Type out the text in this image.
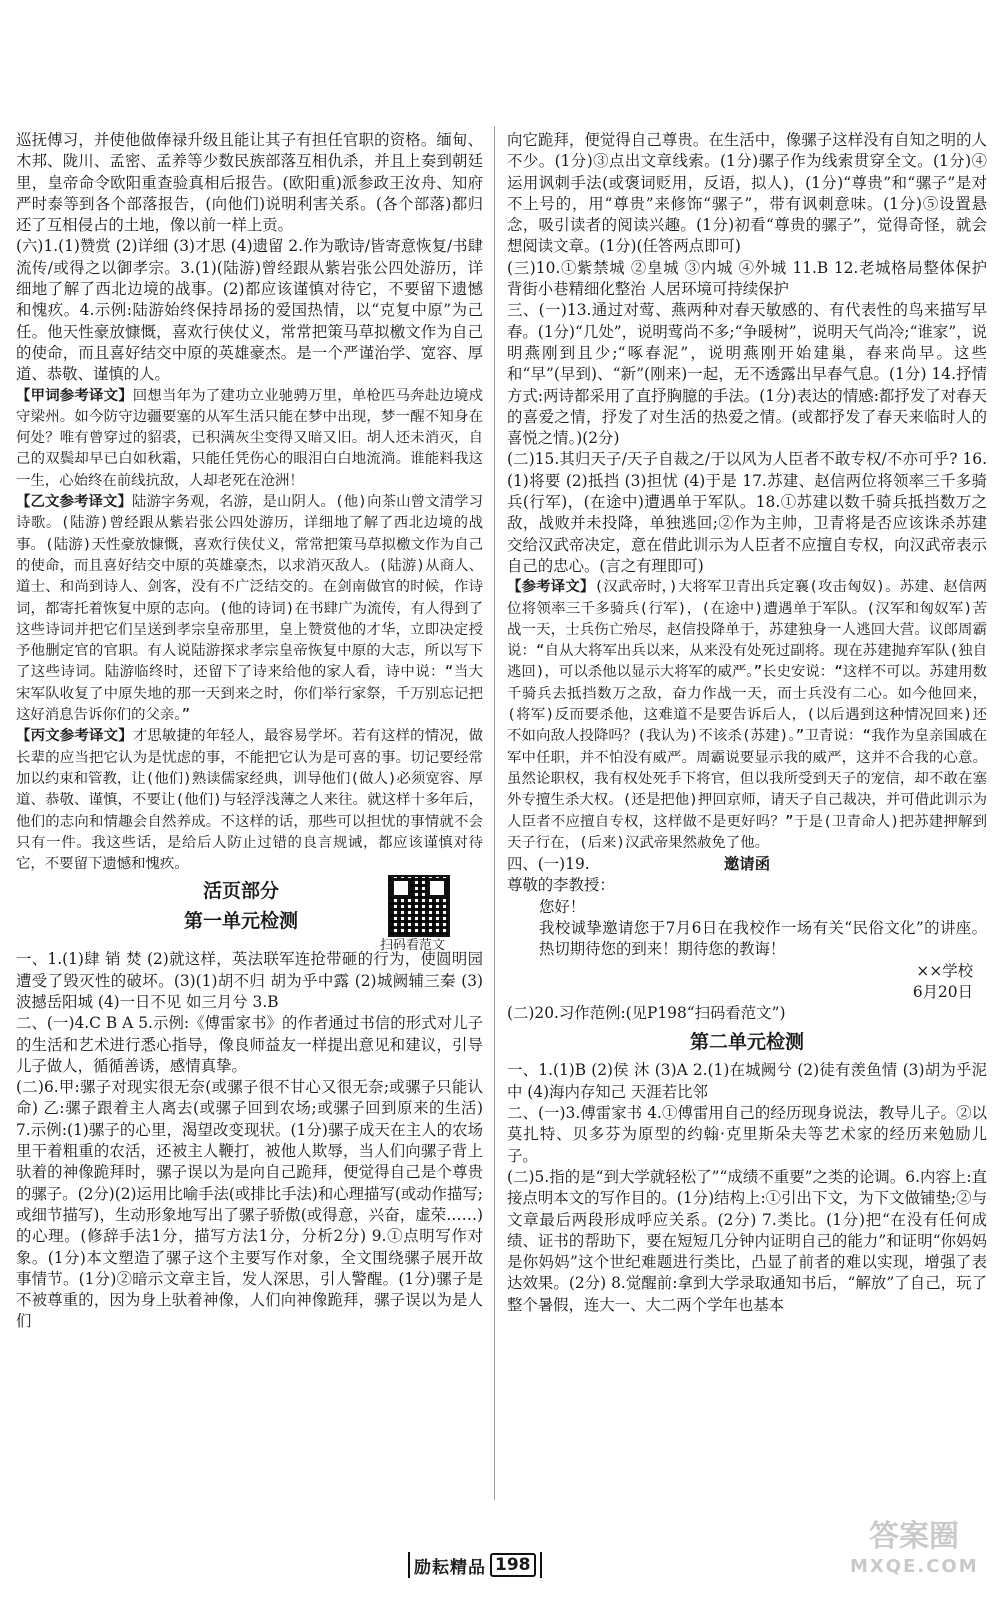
巡抚傅习，并使他做俸禄升级且能让其子有担任官职的资格。缅甸、木邦、陇川、孟密、孟养等少数民族部落互相仇杀，并且上奏到朝廷里，皇帝命令欧阳重查验真相后报告。(欧阳重)派参政王汝舟、知府严时泰等到各个部落报告，(向他们)说明利害关系。(各个部落)都归还了互相侵占的土地，像以前一样上贡。

(六)1.(1)赞赏 (2)详细 (3)才思 (4)遗留 2.作为歌诗/皆寄意恢复/书肆流传/或得之以御孝宗。3.(1)(陆游)曾经跟从紫岩张公四处游历，详细地了解了西北边境的战事。(2)都应该谨慎对待它，不要留下遗憾和愧疚。4.示例:陆游始终保持昂扬的爱国热情，以“克复中原”为己任。他天性豪放慷慨，喜欢行侠仗义，常常把策马草拟檄文作为自己的使命，而且喜好结交中原的英雄豪杰。是一个严谨治学、宽容、厚道、恭敬、谨慎的人。

【甲词参考译文】回想当年为了建功立业驰骋万里，单枪匹马奔赴边境戍守梁州。如今防守边疆要塞的从军生活只能在梦中出现，梦一醒不知身在何处？唯有曾穿过的貂裘，已积满灰尘变得又暗又旧。胡人还未消灭，自己的双鬓却早已白如秋霜，只能任凭伤心的眼泪白白地流淌。谁能料我这一生，心始终在前线抗敌，人却老死在沧洲！

【乙文参考译文】陆游字务观，名游，是山阴人。(他)向茶山曾文清学习诗歌。(陆游)曾经跟从紫岩张公四处游历，详细地了解了西北边境的战事。(陆游)天性豪放慷慨，喜欢行侠仗义，常常把策马草拟檄文作为自己的使命，而且喜好结交中原的英雄豪杰，以求消灭敌人。(陆游)从商人、道士、和尚到诗人、剑客，没有不广泛结交的。在剑南做官的时候，作诗词，都寄托着恢复中原的志向。(他的诗词)在书肆广为流传，有人得到了这些诗词并把它们呈送到孝宗皇帝那里，皇上赞赏他的才华，立即决定授予他删定官的官职。有人说陆游探求孝宗皇帝恢复中原的大志，所以写下了这些诗词。陆游临终时，还留下了诗来给他的家人看，诗中说：“当大宋军队收复了中原失地的那一天到来之时，你们举行家祭，千万别忘记把这好消息告诉你们的父亲。”

【丙文参考译文】才思敏捷的年轻人，最容易学坏。若有这样的情况，做长辈的应当把它认为是忧虑的事，不能把它认为是可喜的事。切记要经常加以约束和管教，让(他们)熟读儒家经典，训导他们(做人)必须宽容、厚道、恭敬、谨慎，不要让(他们)与轻浮浅薄之人来往。就这样十多年后，他们的志向和情趣会自然养成。不这样的话，那些可以担忧的事情就不会只有一件。我这些话，是给后人防止过错的良言规诫，都应该谨慎对待它，不要留下遗憾和愧疚。

活页部分
第一单元检测
扫码看范文

一、1.(1)肆 销 焚 (2)就这样，英法联军连抢带砸的行为，使圆明园遭受了毁灭性的破坏。(3)(1)胡不归 胡为乎中露 (2)城阙辅三秦 (3)波撼岳阳城 (4)一日不见 如三月兮 3.B

二、(一)4.C B A 5.示例:《傅雷家书》的作者通过书信的形式对儿子的生活和艺术进行悉心指导，像良师益友一样提出意见和建议，引导儿子做人，循循善诱，感情真挚。

(二)6.甲:骡子对现实很无奈(或骡子很不甘心又很无奈;或骡子只能认命) 乙:骡子跟着主人离去(或骡子回到农场;或骡子回到原来的生活) 7.示例:(1)骡子的心里，渴望改变现状。(1分)骡子成天在主人的农场里干着粗重的农活，还被主人鞭打，被他人欺辱，当人们向骡子背上驮着的神像跪拜时，骡子误以为是向自己跪拜，便觉得自己是个尊贵的骡子。(2分)(2)运用比喻手法(或排比手法)和心理描写(或动作描写;或细节描写)，生动形象地写出了骡子骄傲(或得意，兴奋，虚荣……)的心理。(修辞手法1分，描写方法1分，分析2分) 9.①点明写作对象。(1分)本文塑造了骡子这个主要写作对象，全文围绕骡子展开故事情节。(1分)②暗示文章主旨，发人深思，引人警醒。(1分)骡子是不被尊重的，因为身上驮着神像，人们向神像跪拜，骡子误以为是人们

向它跪拜，便觉得自己尊贵。在生活中，像骡子这样没有自知之明的人不少。(1分)③点出文章线索。(1分)骡子作为线索贯穿全文。(1分)④运用讽刺手法(或褒词贬用，反语，拟人)，(1分)“尊贵”和“骡子”是对不上号的，用“尊贵”来修饰“骡子”，带有讽刺意味。(1分)⑤设置悬念，吸引读者的阅读兴趣。(1分)初看“尊贵的骡子”，觉得奇怪，就会想阅读文章。(1分)(任答两点即可)

(三)10.①紫禁城 ②皇城 ③内城 ④外城 11.B 12.老城格局整体保护 背街小巷精细化整治 人居环境可持续保护

三、(一)13.通过对莺、燕两种对春天敏感的、有代表性的鸟来描写早春。(1分)“几处”，说明莺尚不多;“争暖树”，说明天气尚冷;“谁家”，说明燕刚到且少;“啄春泥”，说明燕刚开始建巢，春来尚早。这些和“早”(早到)、“新”(刚来)一起，无不透露出早春气息。(1分) 14.抒情方式:两诗都采用了直抒胸臆的手法。(1分)表达的情感:都抒发了对春天的喜爱之情，抒发了对生活的热爱之情。(或都抒发了春天来临时人的喜悦之情。)(2分)

(二)15.其归天子/天子自裁之/于以风为人臣者不敢专权/不亦可乎? 16.(1)将要 (2)抵挡 (3)担忧 (4)于是 17.苏建、赵信两位将领率三千多骑兵(行军)，(在途中)遭遇单于军队。18.①苏建以数千骑兵抵挡数万之敌，战败并未投降，单独逃回;②作为主帅，卫青将是否应该诛杀苏建交给汉武帝决定，意在借此训示为人臣者不应擅自专权，向汉武帝表示自己的忠心。(言之有理即可)

【参考译文】(汉武帝时，)大将军卫青出兵定襄(攻击匈奴)。苏建、赵信两位将领率三千多骑兵(行军)，(在途中)遭遇单于军队。(汉军和匈奴军)苦战一天，士兵伤亡殆尽，赵信投降单于，苏建独身一人逃回大营。议郎周霸说：“自从大将军出兵以来，从来没有处死过副将。现在苏建抛弃军队(独自逃回)，可以杀他以显示大将军的威严。”长史安说：“这样不可以。苏建用数千骑兵去抵挡数万之敌，奋力作战一天，而士兵没有二心。如今他回来，(将军)反而要杀他，这难道不是要告诉后人，(以后遇到这种情况回来)还不如向敌人投降吗？(我认为)不该杀(苏建)。”卫青说：“我作为皇亲国戚在军中任职，并不怕没有威严。周霸说要显示我的威严，这并不合我的心意。虽然论职权，我有权处死手下将官，但以我所受到天子的宠信，却不敢在塞外专擅生杀大权。(还是把他)押回京师，请天子自己裁决，并可借此训示为人臣者不应擅自专权，这样做不是更好吗？”于是(卫青命人)把苏建押解到天子行在，(后来)汉武帝果然赦免了他。

四、(一)19.	邀请函

尊敬的李教授：

您好！

我校诚挚邀请您于7月6日在我校作一场有关“民俗文化”的讲座。热切期待您的到来！期待您的教诲！

××学校

6月20日

(二)20.习作范例:(见P198“扫码看范文”)

第二单元检测

一、1.(1)B (2)侯 沐 (3)A 2.(1)在城阙兮 (2)徒有羡鱼情 (3)胡为乎泥中 (4)海内存知己 天涯若比邻

二、(一)3.傅雷家书 4.①傅雷用自己的经历现身说法，教导儿子。②以莫扎特、贝多芬为原型的约翰·克里斯朵夫等艺术家的经历来勉励儿子。

(二)5.指的是“到大学就轻松了”“成绩不重要”之类的论调。6.内容上:直接点明本文的写作目的。(1分)结构上:①引出下文，为下文做铺垫;②与文章最后两段形成呼应关系。(2分) 7.类比。(1分)把“在没有任何成绩、证书的帮助下，要在短短几分钟内证明自己的能力”和证明“你妈妈是你妈妈”这个世纪难题进行类比，凸显了前者的难以实现，增强了表达效果。(2分) 8.觉醒前:拿到大学录取通知书后，“解放”了自己，玩了整个暑假，连大一、大二两个学年也基本

励耘精品 198
答案圈
MXQE.COM
